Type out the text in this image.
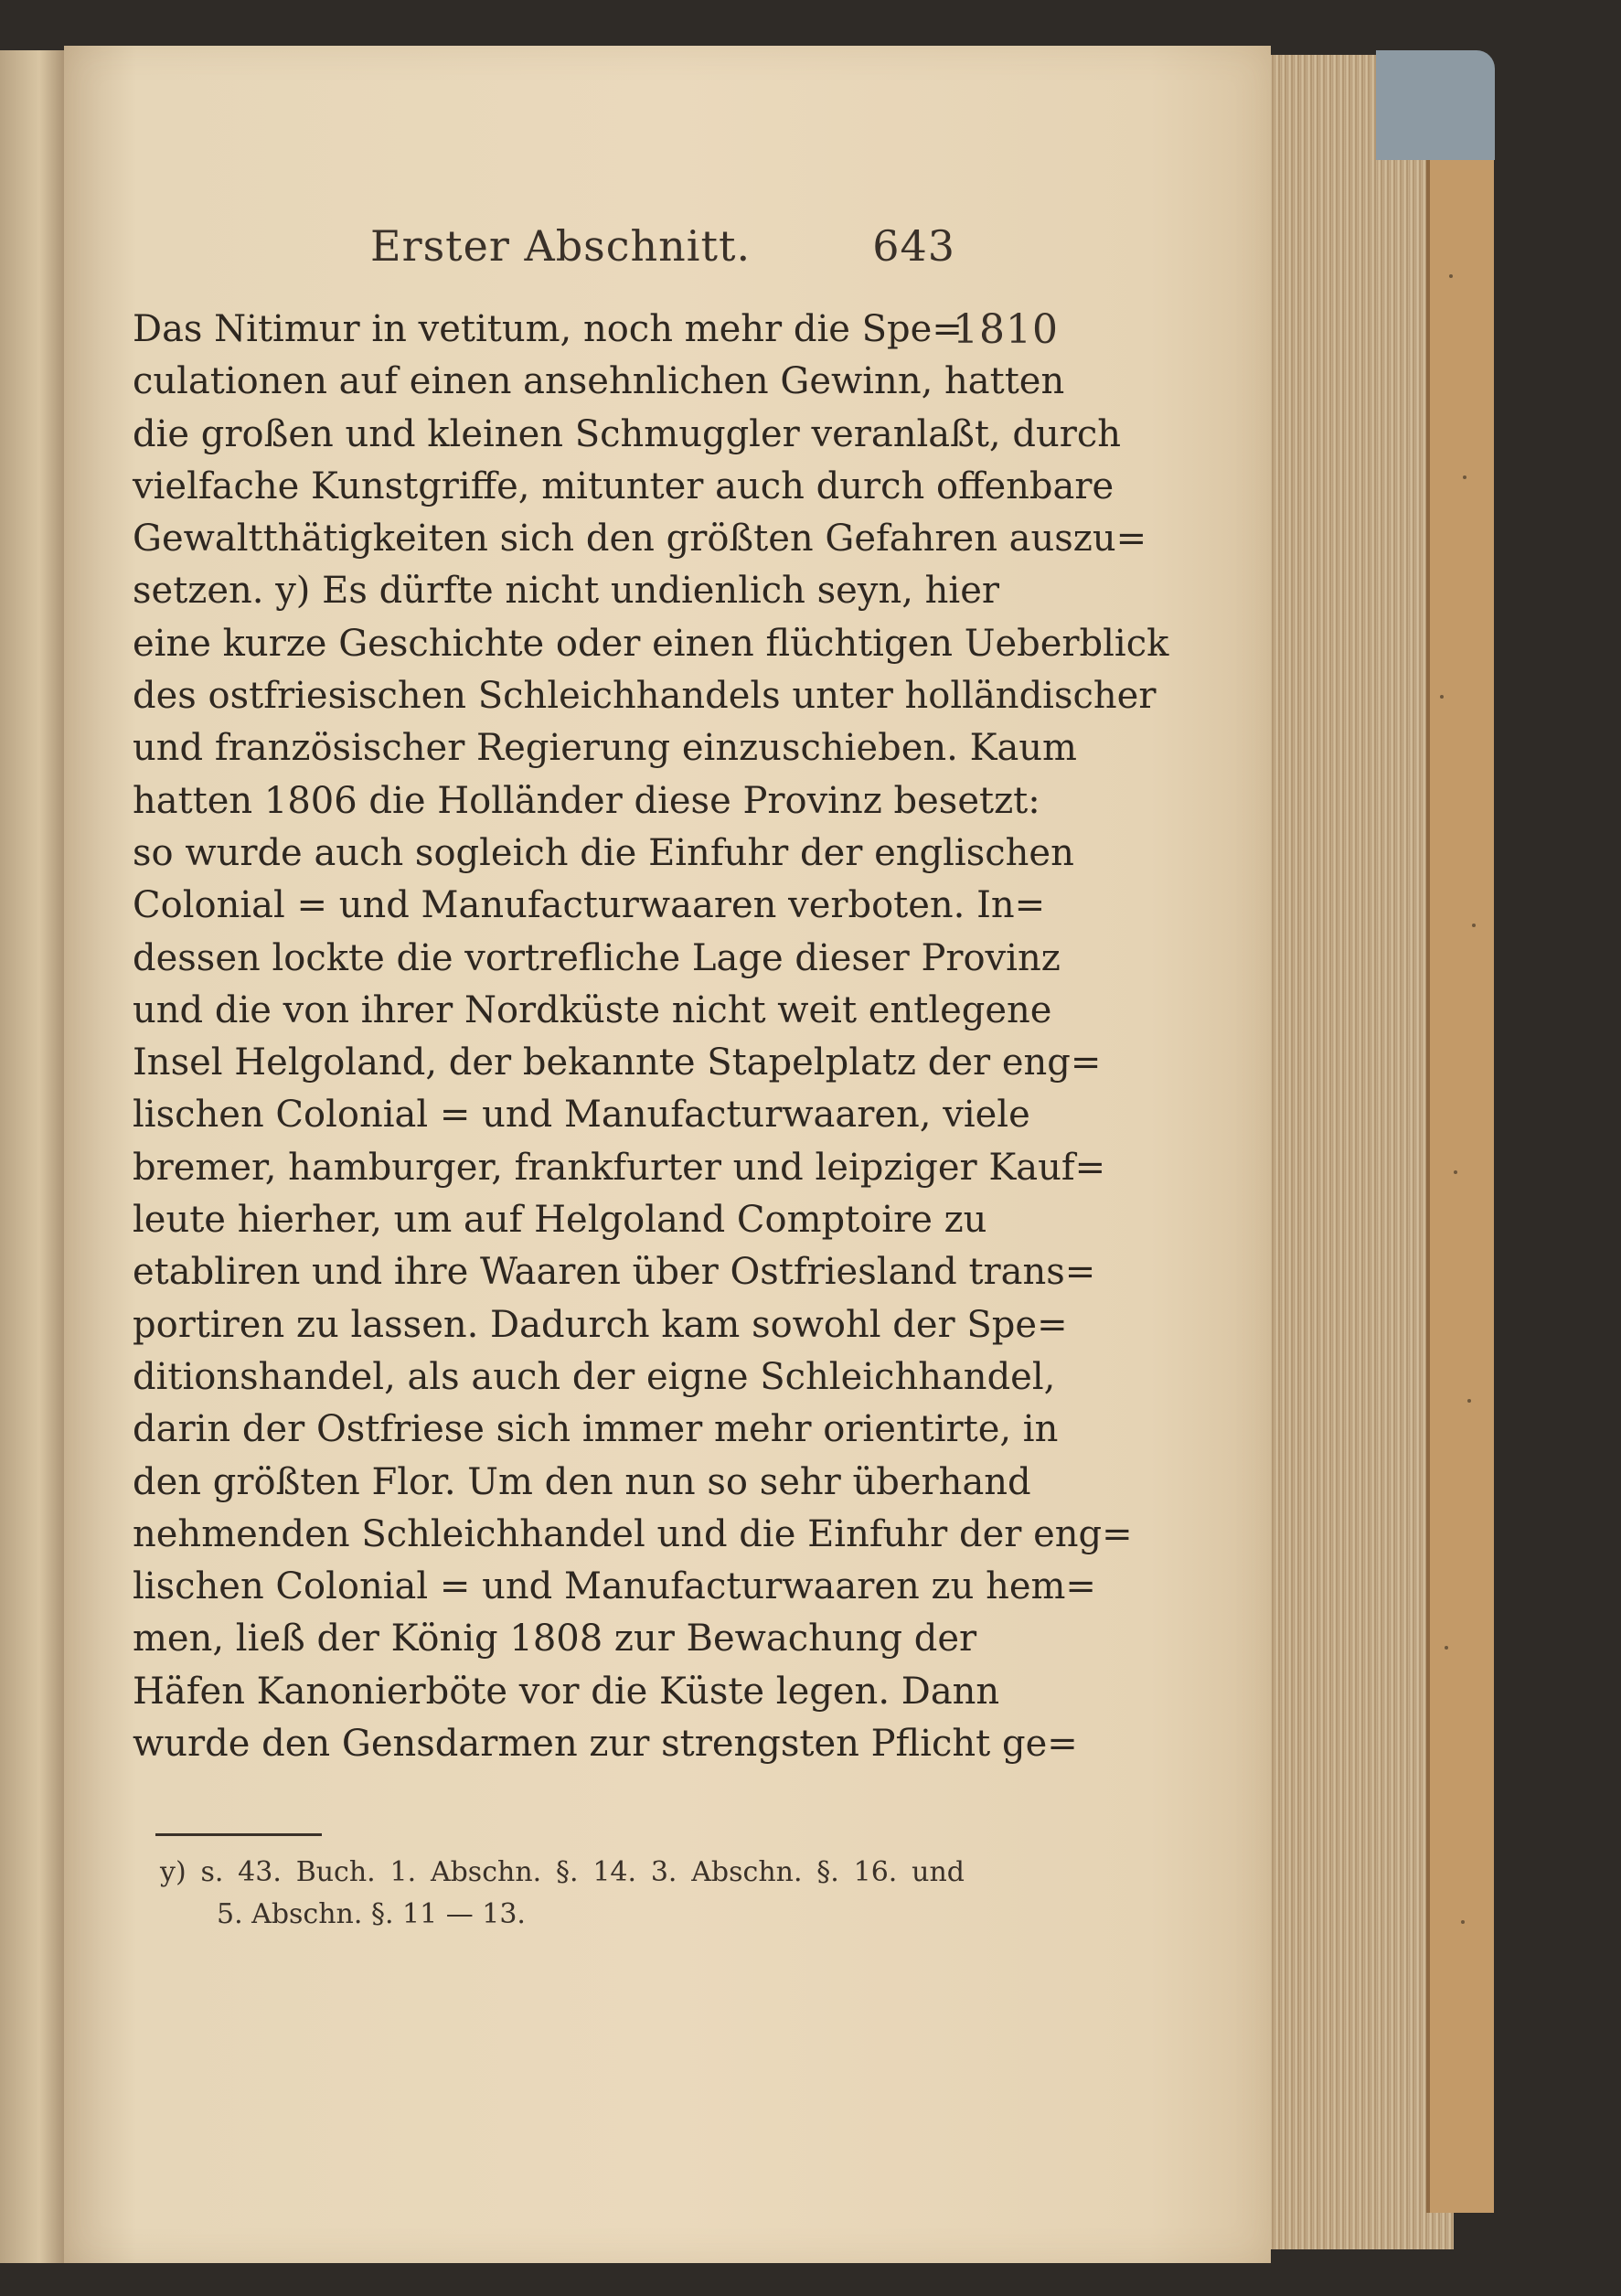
Erster Abschnitt.	643
1810
Das Nitimur in vetitum, noch mehr die Spe=
culationen auf einen ansehnlichen Gewinn, hatten
die großen und kleinen Schmuggler veranlaßt, durch
vielfache Kunstgriffe, mitunter auch durch offenbare
Gewaltthätigkeiten sich den größten Gefahren auszu=
setzen. y) Es dürfte nicht undienlich seyn, hier
eine kurze Geschichte oder einen flüchtigen Ueberblick
des ostfriesischen Schleichhandels unter holländischer
und französischer Regierung einzuschieben. Kaum
hatten 1806 die Holländer diese Provinz besetzt:
so wurde auch sogleich die Einfuhr der englischen
Colonial = und Manufacturwaaren verboten. In=
dessen lockte die vortrefliche Lage dieser Provinz
und die von ihrer Nordküste nicht weit entlegene
Insel Helgoland, der bekannte Stapelplatz der eng=
lischen Colonial = und Manufacturwaaren, viele
bremer, hamburger, frankfurter und leipziger Kauf=
leute hierher, um auf Helgoland Comptoire zu
etabliren und ihre Waaren über Ostfriesland trans=
portiren zu lassen. Dadurch kam sowohl der Spe=
ditionshandel, als auch der eigne Schleichhandel,
darin der Ostfriese sich immer mehr orientirte, in
den größten Flor. Um den nun so sehr überhand
nehmenden Schleichhandel und die Einfuhr der eng=
lischen Colonial = und Manufacturwaaren zu hem=
men, ließ der König 1808 zur Bewachung der
Häfen Kanonierböte vor die Küste legen. Dann
wurde den Gensdarmen zur strengsten Pflicht ge=
y) s. 43. Buch. 1. Abschn. §. 14. 3. Abschn. §. 16. und
5. Abschn. §. 11 — 13.
